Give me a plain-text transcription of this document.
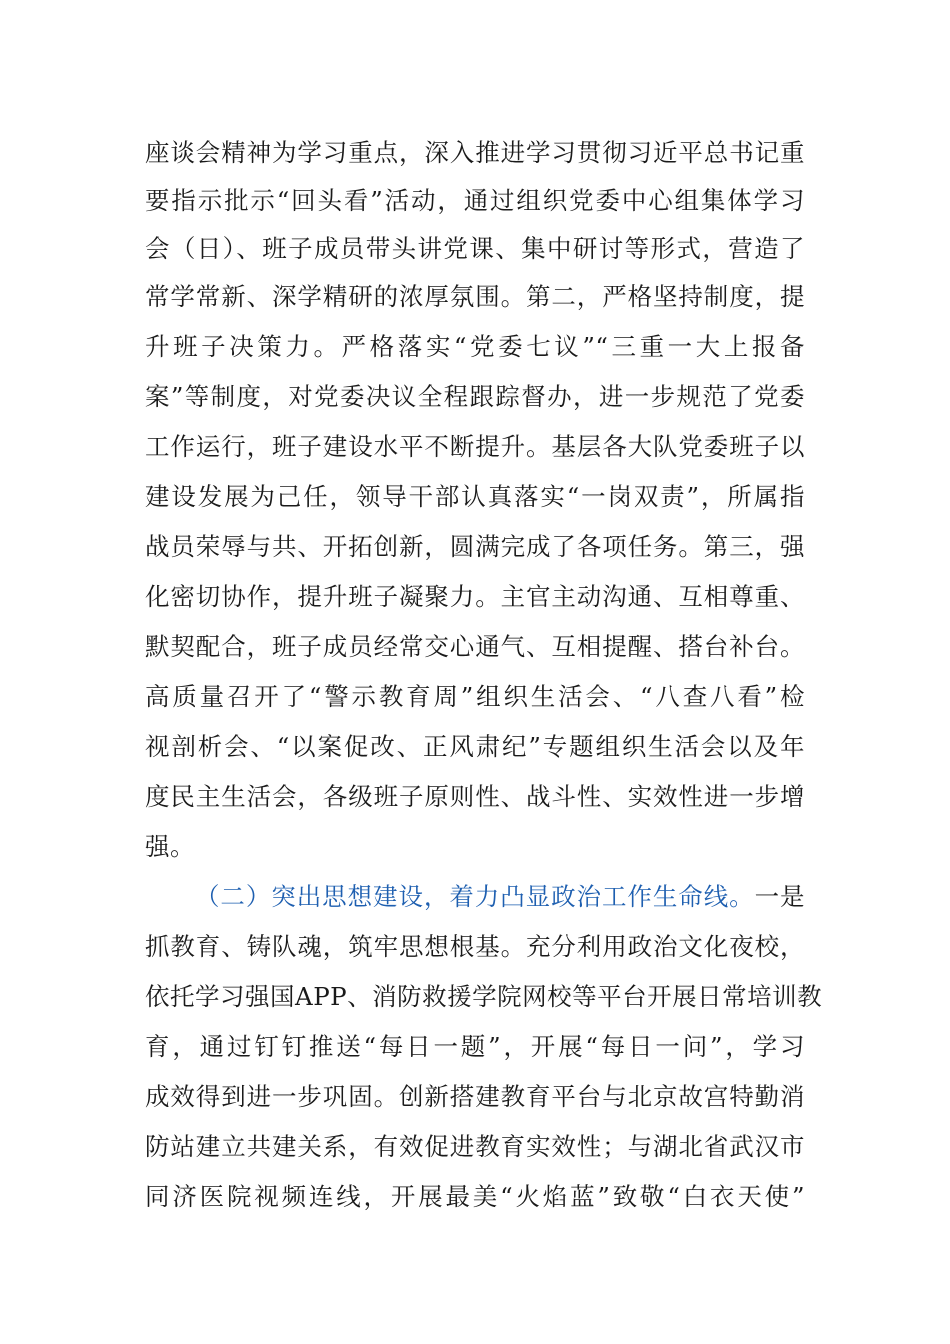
座谈会精神为学习重点，深入推进学习贯彻习近平总书记重
要指示批示“回头看”活动，通过组织党委中心组集体学习
会（日）、班子成员带头讲党课、集中研讨等形式，营造了
常学常新、深学精研的浓厚氛围。第二，严格坚持制度，提
升班子决策力。严格落实“党委七议”“三重一大上报备
案”等制度，对党委决议全程跟踪督办，进一步规范了党委
工作运行，班子建设水平不断提升。基层各大队党委班子以
建设发展为己任，领导干部认真落实“一岗双责”，所属指
战员荣辱与共、开拓创新，圆满完成了各项任务。第三，强
化密切协作，提升班子凝聚力。主官主动沟通、互相尊重、
默契配合，班子成员经常交心通气、互相提醒、搭台补台。
高质量召开了“警示教育周”组织生活会、“八查八看”检
视剖析会、“以案促改、正风肃纪”专题组织生活会以及年
度民主生活会，各级班子原则性、战斗性、实效性进一步增
强。
（二）突出思想建设，着力凸显政治工作生命线。一是
抓教育、铸队魂，筑牢思想根基。充分利用政治文化夜校，
依托学习强国APP、消防救援学院网校等平台开展日常培训教
育，通过钉钉推送“每日一题”，开展“每日一问”，学习
成效得到进一步巩固。创新搭建教育平台与北京故宫特勤消
防站建立共建关系，有效促进教育实效性；与湖北省武汉市
同济医院视频连线，开展最美“火焰蓝”致敬“白衣天使”
